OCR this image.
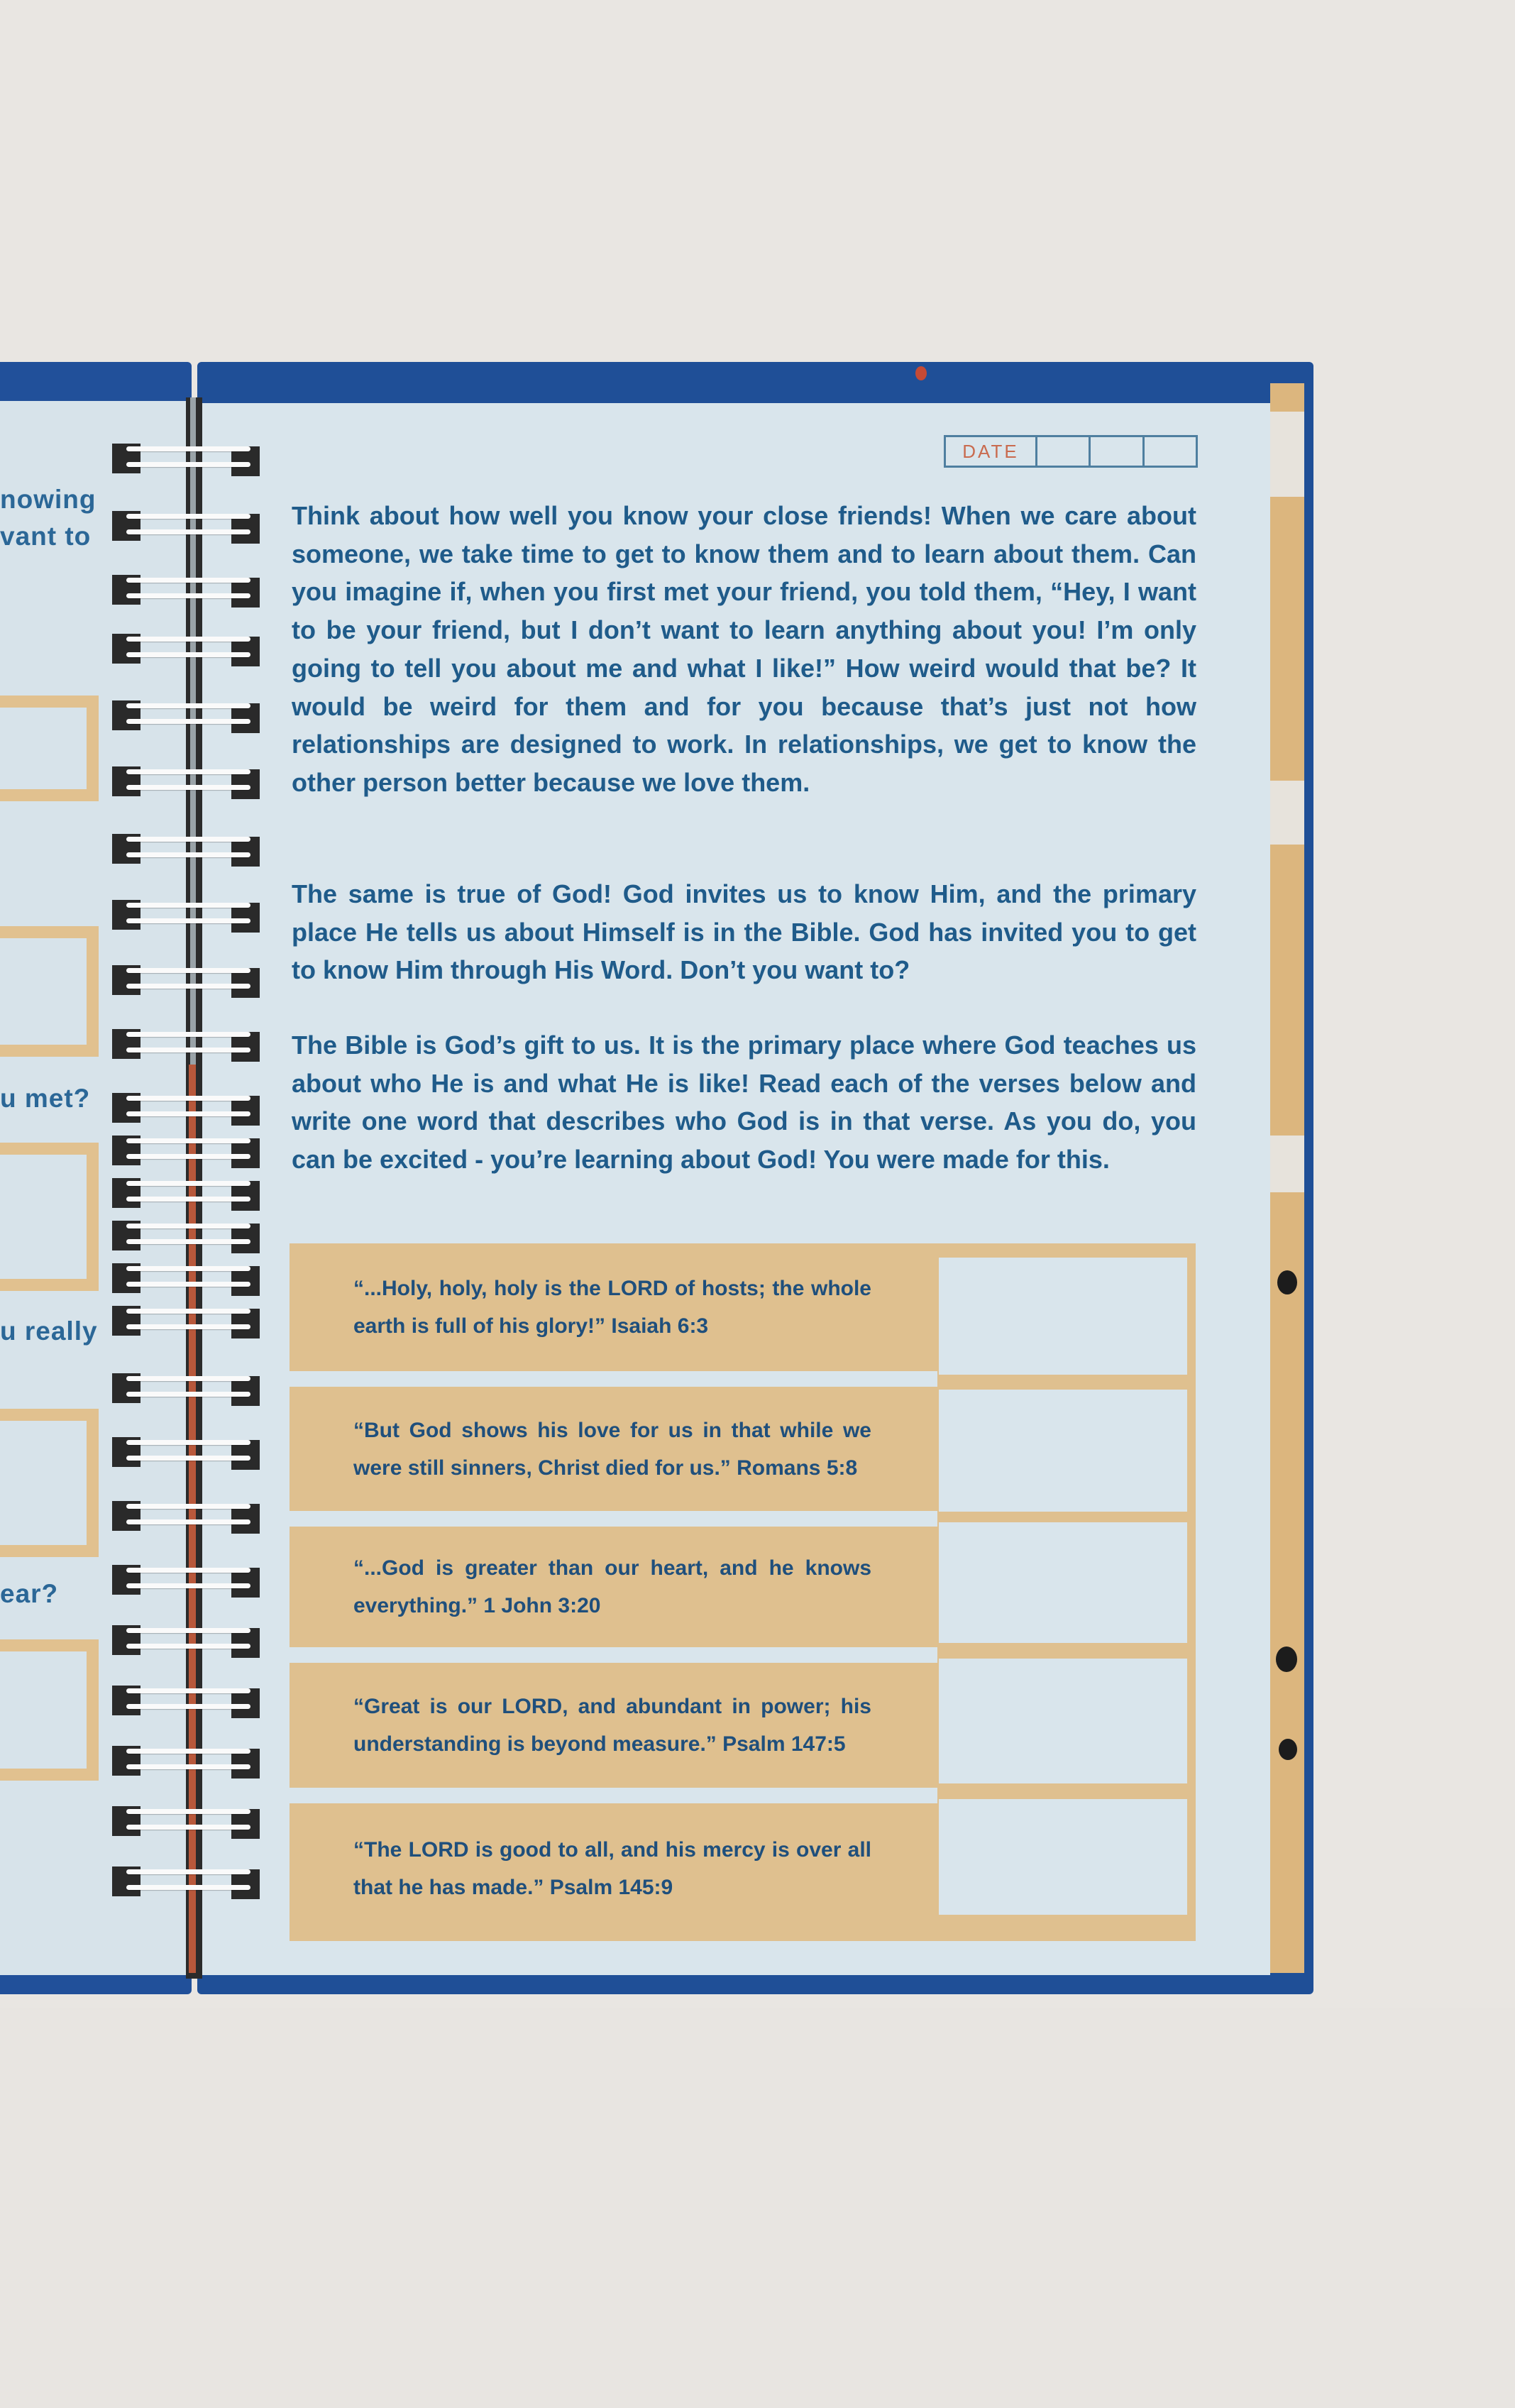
nowing
vant to
u met?
u really
ear?
DATE
Think about how well you know your close friends! When we care about someone, we take time to get to know them and to learn about them. Can you imagine if, when you first met your friend, you told them, “Hey, I want to be your friend, but I don’t want to learn anything about you! I’m only going to tell you about me and what I like!” How weird would that be? It would be weird for them and for you because that’s just not how relationships are designed to work. In relationships, we get to know the other person better because we love them.
The same is true of God! God invites us to know Him, and the primary place He tells us about Himself is in the Bible. God has invited you to get to know Him through His Word. Don’t you want to?
The Bible is God’s gift to us. It is the primary place where God teaches us about who He is and what He is like! Read each of the verses below and write one word that describes who God is in that verse. As you do, you can be excited - you’re learning about God! You were made for this.
“...Holy, holy, holy is the LORD of hosts; the whole earth is full of his glory!” Isaiah 6:3
“But God shows his love for us in that while we were still sinners, Christ died for us.” Romans 5:8
“...God is greater than our heart, and he knows everything.” 1 John 3:20
“Great is our LORD, and abundant in power; his understanding is beyond measure.” Psalm 147:5
“The LORD is good to all, and his mercy is over all that he has made.” Psalm 145:9
